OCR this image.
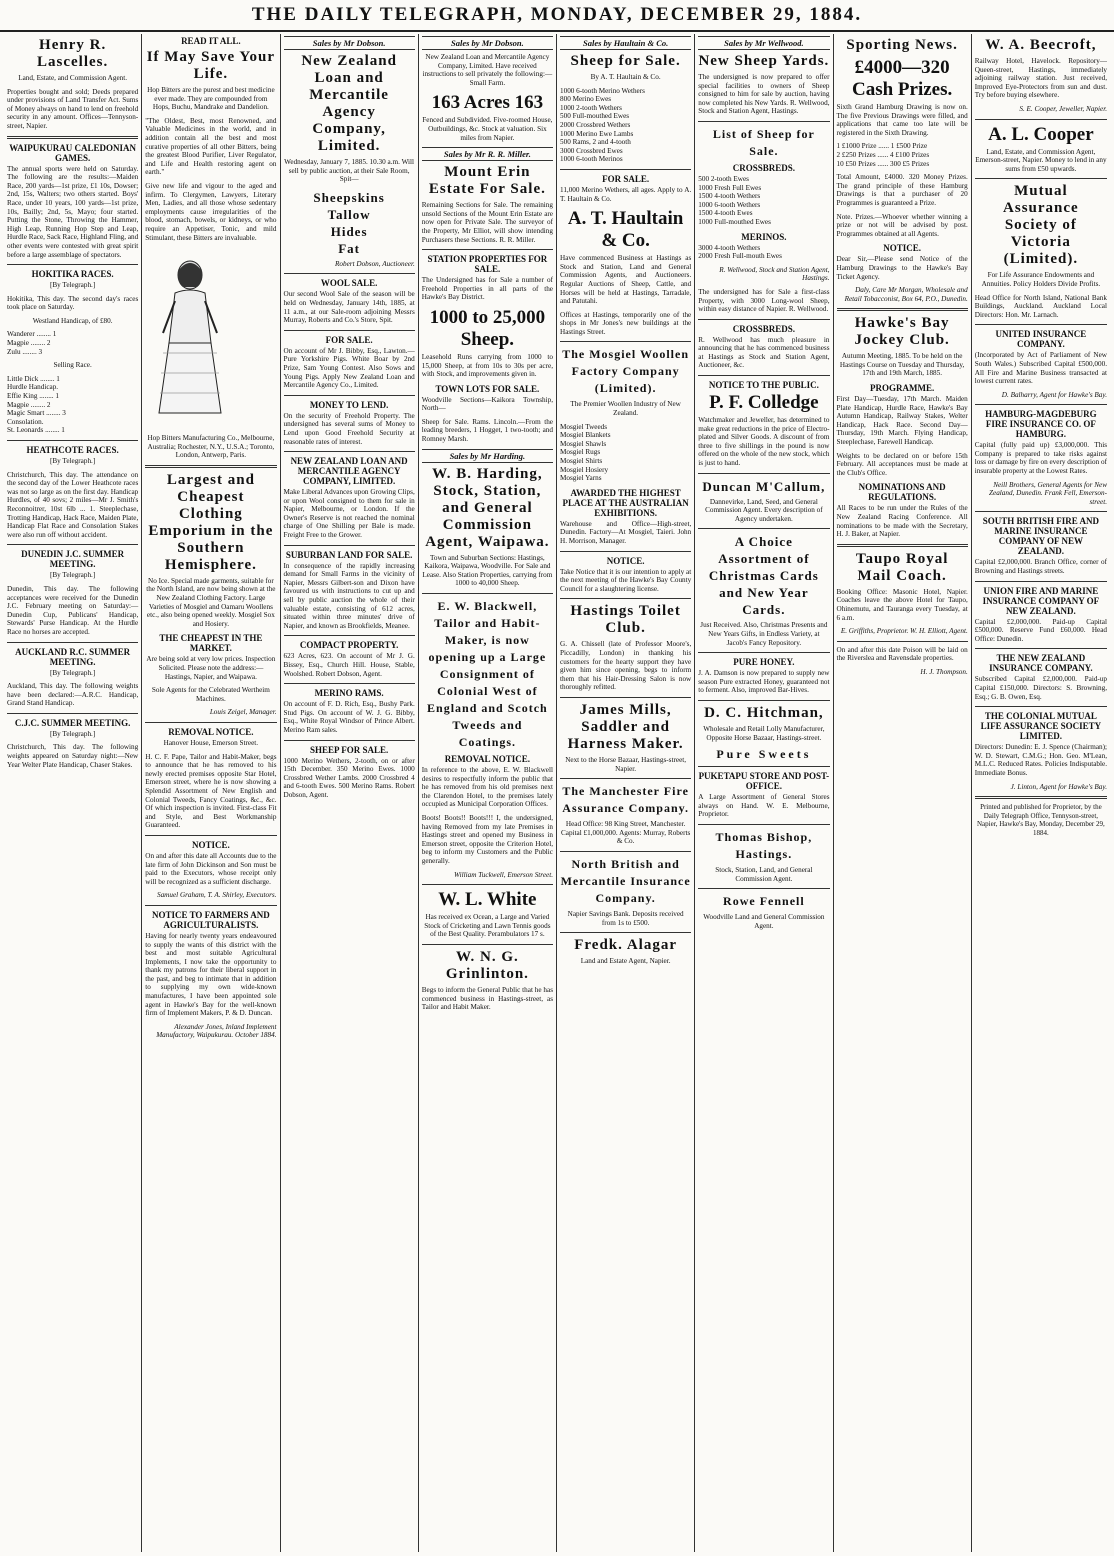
THE DAILY TELEGRAPH, MONDAY, DECEMBER 29, 1884.
Henry R. Lascelles.
Land, Estate, and Commission Agent.
Properties bought and sold; Deeds prepared under provisions of Land Transfer Act. Sums of Money always on hand to lend on freehold security in any amount. Offices—Tennyson-street, Napier.
WAIPUKURAU CALEDONIAN GAMES.
The annual sports were held on Saturday. The following are the results:—Maiden Race, 200 yards—1st prize, £1 10s, Dowser; 2nd, 15s, Walters; two others started. Boys' Race, under 10 years, 100 yards—1st prize, 10s, Bailly; 2nd, 5s, Mayo; four started. Putting the Stone, Throwing the Hammer, High Leap, Running Hop Step and Leap, Hurdle Race, Sack Race, Highland Fling, and other events were contested with great spirit before a large assemblage of spectators.
HOKITIKA RACES.
[By Telegraph.]
Hokitika, This day. The second day's races took place on Saturday.
Westland Handicap, of £80.
Wanderer ........ 1
Magpie ........ 2
Zulu ........ 3
Selling Race.
Little Dick ........ 1
Hurdle Handicap.
Effie King ........ 1
Magpie ........ 2
Magic Smart ........ 3
Consolation.
St. Leonards ........ 1
HEATHCOTE RACES.
[By Telegraph.]
Christchurch, This day. The attendance on the second day of the Lower Heathcote races was not so large as on the first day. Handicap Hurdles, of 40 sovs; 2 miles—Mr J. Smith's Reconnoitrer, 10st 6lb ... 1. Steeplechase, Trotting Handicap, Hack Race, Maiden Plate, Handicap Flat Race and Consolation Stakes were also run off without accident.
DUNEDIN J.C. SUMMER MEETING.
[By Telegraph.]
Dunedin, This day. The following acceptances were received for the Dunedin J.C. February meeting on Saturday:—Dunedin Cup, Publicans' Handicap, Stewards' Purse Handicap. At the Hurdle Race no horses are accepted.
AUCKLAND R.C. SUMMER MEETING.
[By Telegraph.]
Auckland, This day. The following weights have been declared:—A.R.C. Handicap, Grand Stand Handicap.
C.J.C. SUMMER MEETING.
[By Telegraph.]
Christchurch, This day. The following weights appeared on Saturday night:—New Year Welter Plate Handicap, Chaser Stakes.
READ IT ALL.
If May Save Your Life.
Hop Bitters are the purest and best medicine ever made. They are compounded from Hops, Buchu, Mandrake and Dandelion.
"The Oldest, Best, most Renowned, and Valuable Medicines in the world, and in addition contain all the best and most curative properties of all other Bitters, being the greatest Blood Purifier, Liver Regulator, and Life and Health restoring agent on earth."
Give new life and vigour to the aged and infirm. To Clergymen, Lawyers, Literary Men, Ladies, and all those whose sedentary employments cause irregularities of the blood, stomach, bowels, or kidneys, or who require an Appetiser, Tonic, and mild Stimulant, these Bitters are invaluable.
Hop Bitters Manufacturing Co., Melbourne, Australia; Rochester, N.Y., U.S.A.; Toronto, London, Antwerp, Paris.
Largest and Cheapest Clothing Emporium in the Southern Hemisphere.
No Ice. Special made garments, suitable for the North Island, are now being shown at the New Zealand Clothing Factory. Large Varieties of Mosgiel and Oamaru Woollens etc., also being opened weekly. Mosgiel Sox and Hosiery.
THE CHEAPEST IN THE MARKET.
Are being sold at very low prices. Inspection Solicited. Please note the address:—Hastings, Napier, and Waipawa.
Sole Agents for the Celebrated Wertheim Machines.
Louis Zeigel, Manager.
REMOVAL NOTICE.
Hanover House, Emerson Street.
H. C. F. Pape, Tailor and Habit-Maker, begs to announce that he has removed to his newly erected premises opposite Star Hotel, Emerson street, where he is now showing a Splendid Assortment of New English and Colonial Tweeds, Fancy Coatings, &c., &c. Of which inspection is invited. First-class Fit and Style, and Best Workmanship Guaranteed.
NOTICE.
On and after this date all Accounts due to the late firm of John Dickinson and Son must be paid to the Executors, whose receipt only will be recognized as a sufficient discharge.
Samuel Graham, T. A. Shirley, Executors.
NOTICE TO FARMERS AND AGRICULTURALISTS.
Having for nearly twenty years endeavoured to supply the wants of this district with the best and most suitable Agricultural Implements, I now take the opportunity to thank my patrons for their liberal support in the past, and beg to intimate that in addition to supplying my own wide-known manufactures, I have been appointed sole agent in Hawke's Bay for the well-known firm of Implement Makers, P. & D. Duncan.
Alexander Jones, Inland Implement Manufactory, Waipukurau. October 1884.
Sales by Mr Dobson.
New Zealand Loan and Mercantile Agency Company, Limited.
Wednesday, January 7, 1885. 10.30 a.m. Will sell by public auction, at their Sale Room, Spit—
Sheepskins
Tallow
Hides
Fat
Robert Dobson, Auctioneer.
WOOL SALE.
Our second Wool Sale of the season will be held on Wednesday, January 14th, 1885, at 11 a.m., at our Sale-room adjoining Messrs Murray, Roberts and Co.'s Store, Spit.
FOR SALE.
On account of Mr J. Bibby, Esq., Lawton.—Pure Yorkshire Pigs. White Boar by 2nd Prize, Sam Young Contest. Also Sows and Young Pigs. Apply New Zealand Loan and Mercantile Agency Co., Limited.
MONEY TO LEND.
On the security of Freehold Property. The undersigned has several sums of Money to Lend upon Good Freehold Security at reasonable rates of interest.
NEW ZEALAND LOAN AND MERCANTILE AGENCY COMPANY, LIMITED.
Make Liberal Advances upon Growing Clips, or upon Wool consigned to them for sale in Napier, Melbourne, or London. If the Owner's Reserve is not reached the nominal charge of One Shilling per Bale is made. Freight Free to the Grower.
SUBURBAN LAND FOR SALE.
In consequence of the rapidly increasing demand for Small Farms in the vicinity of Napier, Messrs Gilbert-son and Dixon have favoured us with instructions to cut up and sell by public auction the whole of their valuable estate, consisting of 612 acres, situated within three minutes' drive of Napier, and known as Brookfields, Meanee.
COMPACT PROPERTY.
623 Acres, 623. On account of Mr J. G. Bissey, Esq., Church Hill. House, Stable, Woolshed. Robert Dobson, Agent.
MERINO RAMS.
On account of F. D. Rich, Esq., Bushy Park. Stud Pigs. On account of W. J. G. Bibby, Esq., White Royal Windsor of Prince Albert. Merino Ram sales.
SHEEP FOR SALE.
1000 Merino Wethers, 2-tooth, on or after 15th December. 350 Merino Ewes. 1000 Crossbred Wether Lambs. 2000 Crossbred 4 and 6-tooth Ewes. 500 Merino Rams. Robert Dobson, Agent.
Sales by Mr Dobson.
New Zealand Loan and Mercantile Agency Company, Limited. Have received instructions to sell privately the following:—Small Farm.
163 Acres 163
Fenced and Subdivided. Five-roomed House, Outbuildings, &c. Stock at valuation. Six miles from Napier.
Sales by Mr R. R. Miller.
Mount Erin Estate For Sale.
Remaining Sections for Sale. The remaining unsold Sections of the Mount Erin Estate are now open for Private Sale. The surveyor of the Property, Mr Elliot, will show intending Purchasers these Sections. R. R. Miller.
STATION PROPERTIES FOR SALE.
The Undersigned has for Sale a number of Freehold Properties in all parts of the Hawke's Bay District.
1000 to 25,000 Sheep.
Leasehold Runs carrying from 1000 to 15,000 Sheep, at from 10s to 30s per acre, with Stock, and improvements given in.
TOWN LOTS FOR SALE.
Woodville Sections—Kaikora Township, North—
Sheep for Sale. Rams. Lincoln.—From the leading breeders, 1 Hogget, 1 two-tooth; and Romney Marsh.
Sales by Mr Harding.
W. B. Harding, Stock, Station, and General Commission Agent, Waipawa.
Town and Suburban Sections: Hastings, Kaikora, Waipawa, Woodville. For Sale and Lease. Also Station Properties, carrying from 1000 to 40,000 Sheep.
E. W. Blackwell, Tailor and Habit-Maker, is now opening up a Large Consignment of Colonial West of England and Scotch Tweeds and Coatings.
REMOVAL NOTICE.
In reference to the above, E. W. Blackwell desires to respectfully inform the public that he has removed from his old premises next the Clarendon Hotel, to the premises lately occupied as Municipal Corporation Offices.
Boots! Boots!! Boots!!! I, the undersigned, having Removed from my late Premises in Hastings street and opened my Business in Emerson street, opposite the Criterion Hotel, beg to inform my Customers and the Public generally.
William Tuckwell, Emerson Street.
W. L. White
Has received ex Ocean, a Large and Varied Stock of Cricketing and Lawn Tennis goods of the Best Quality. Perambulators 17 s.
W. N. G. Grinlinton.
Begs to inform the General Public that he has commenced business in Hastings-street, as Tailor and Habit Maker.
Sales by Haultain & Co.
Sheep for Sale.
By A. T. Haultain & Co.
1000 6-tooth Merino Wethers
800 Merino Ewes
1000 2-tooth Wethers
500 Full-mouthed Ewes
2000 Crossbred Wethers
1000 Merino Ewe Lambs
500 Rams, 2 and 4-tooth
3000 Crossbred Ewes
1000 6-tooth Merinos
FOR SALE.
11,000 Merino Wethers, all ages. Apply to A. T. Haultain & Co.
A. T. Haultain & Co.
Have commenced Business at Hastings as Stock and Station, Land and General Commission Agents, and Auctioneers. Regular Auctions of Sheep, Cattle, and Horses will be held at Hastings, Tarradale, and Patutahi.
Offices at Hastings, temporarily one of the shops in Mr Jones's new buildings at the Hastings Street.
The Mosgiel Woollen Factory Company (Limited).
The Premier Woollen Industry of New Zealand.
Mosgiel Tweeds
Mosgiel Blankets
Mosgiel Shawls
Mosgiel Rugs
Mosgiel Shirts
Mosgiel Hosiery
Mosgiel Yarns
AWARDED THE HIGHEST PLACE AT THE AUSTRALIAN EXHIBITIONS.
Warehouse and Office—High-street, Dunedin. Factory—At Mosgiel, Taieri. John H. Morrison, Manager.
NOTICE.
Take Notice that it is our intention to apply at the next meeting of the Hawke's Bay County Council for a slaughtering license.
Hastings Toilet Club.
G. A. Chissell (late of Professor Moore's, Piccadilly, London) in thanking his customers for the hearty support they have given him since opening, begs to inform them that his Hair-Dressing Salon is now thoroughly refitted.
James Mills, Saddler and Harness Maker.
Next to the Horse Bazaar, Hastings-street, Napier.
The Manchester Fire Assurance Company.
Head Office: 98 King Street, Manchester. Capital £1,000,000. Agents: Murray, Roberts & Co.
North British and Mercantile Insurance Company.
Napier Savings Bank. Deposits received from 1s to £500.
Fredk. Alagar
Land and Estate Agent, Napier.
Sales by Mr Wellwood.
New Sheep Yards.
The undersigned is now prepared to offer special facilities to owners of Sheep consigned to him for sale by auction, having now completed his New Yards. R. Wellwood, Stock and Station Agent, Hastings.
List of Sheep for Sale.
CROSSBREDS.
500 2-tooth Ewes
1000 Fresh Full Ewes
1500 4-tooth Wethers
1000 6-tooth Wethers
1500 4-tooth Ewes
1000 Full-mouthed Ewes
MERINOS.
3000 4-tooth Wethers
2000 Fresh Full-mouth Ewes
R. Wellwood, Stock and Station Agent, Hastings.
The undersigned has for Sale a first-class Property, with 3000 Long-wool Sheep, within easy distance of Napier. R. Wellwood.
CROSSBREDS.
R. Wellwood has much pleasure in announcing that he has commenced business at Hastings as Stock and Station Agent, Auctioneer, &c.
NOTICE TO THE PUBLIC.
P. F. Colledge
Watchmaker and Jeweller, has determined to make great reductions in the price of Electro-plated and Silver Goods. A discount of from three to five shillings in the pound is now offered on the whole of the new stock, which is just to hand.
Duncan M'Callum,
Dannevirke, Land, Seed, and General Commission Agent. Every description of Agency undertaken.
A Choice Assortment of Christmas Cards and New Year Cards.
Just Received. Also, Christmas Presents and New Years Gifts, in Endless Variety, at Jacob's Fancy Repository.
PURE HONEY.
J. A. Damson is now prepared to supply new season Pure extracted Honey, guaranteed not to ferment. Also, improved Bar-Hives.
D. C. Hitchman,
Wholesale and Retail Lolly Manufacturer, Opposite Horse Bazaar, Hastings-street.
Pure Sweets
PUKETAPU STORE AND POST-OFFICE.
A Large Assortment of General Stores always on Hand. W. E. Melbourne, Proprietor.
Thomas Bishop, Hastings.
Stock, Station, Land, and General Commission Agent.
Rowe Fennell
Woodville Land and General Commission Agent.
Sporting News.
£4000—320 Cash Prizes.
Sixth Grand Hamburg Drawing is now on. The five Previous Drawings were filled, and applications that came too late will be registered in the Sixth Drawing.
1 £1000 Prize ...... 1 £500 Prize
2 £250 Prizes ...... 4 £100 Prizes
10 £50 Prizes ...... 300 £5 Prizes
Total Amount, £4000. 320 Money Prizes. The grand principle of these Hamburg Drawings is that a purchaser of 20 Programmes is guaranteed a Prize.
Note. Prizes.—Whoever whether winning a prize or not will be advised by post. Programmes obtained at all Agents.
NOTICE.
Dear Sir,—Please send Notice of the Hamburg Drawings to the Hawke's Bay Ticket Agency.
Daly, Care Mr Morgan, Wholesale and Retail Tobacconist, Box 64, P.O., Dunedin.
Hawke's Bay Jockey Club.
Autumn Meeting, 1885. To be held on the Hastings Course on Tuesday and Thursday, 17th and 19th March, 1885.
PROGRAMME.
First Day—Tuesday, 17th March. Maiden Plate Handicap, Hurdle Race, Hawke's Bay Autumn Handicap, Railway Stakes, Welter Handicap, Hack Race. Second Day—Thursday, 19th March. Flying Handicap, Steeplechase, Farewell Handicap.
Weights to be declared on or before 15th February. All acceptances must be made at the Club's Office.
NOMINATIONS AND REGULATIONS.
All Races to be run under the Rules of the New Zealand Racing Conference. All nominations to be made with the Secretary, H. J. Baker, at Napier.
Taupo Royal Mail Coach.
Booking Office: Masonic Hotel, Napier. Coaches leave the above Hotel for Taupo, Ohinemutu, and Tauranga every Tuesday, at 6 a.m.
E. Griffiths, Proprietor. W. H. Elliott, Agent.
On and after this date Poison will be laid on the Riverslea and Ravensdale properties.
H. J. Thompson.
W. A. Beecroft,
Railway Hotel, Havelock. Repository—Queen-street, Hastings, immediately adjoining railway station. Just received, Improved Eye-Protectors from sun and dust. Try before buying elsewhere.
S. E. Cooper, Jeweller, Napier.
A. L. Cooper
Land, Estate, and Commission Agent, Emerson-street, Napier. Money to lend in any sums from £50 upwards.
Mutual Assurance Society of Victoria (Limited).
For Life Assurance Endowments and Annuities. Policy Holders Divide Profits.
Head Office for North Island, National Bank Buildings, Auckland. Auckland Local Directors: Hon. Mr. Larnach.
UNITED INSURANCE COMPANY.
(Incorporated by Act of Parliament of New South Wales.) Subscribed Capital £500,000. All Fire and Marine Business transacted at lowest current rates.
D. Balharry, Agent for Hawke's Bay.
HAMBURG-MAGDEBURG FIRE INSURANCE CO. OF HAMBURG.
Capital (fully paid up) £3,000,000. This Company is prepared to take risks against loss or damage by fire on every description of insurable property at the Lowest Rates.
Neill Brothers, General Agents for New Zealand, Dunedin. Frank Fell, Emerson-street.
SOUTH BRITISH FIRE AND MARINE INSURANCE COMPANY OF NEW ZEALAND.
Capital £2,000,000. Branch Office, corner of Browning and Hastings streets.
UNION FIRE AND MARINE INSURANCE COMPANY OF NEW ZEALAND.
Capital £2,000,000. Paid-up Capital £500,000. Reserve Fund £60,000. Head Office: Dunedin.
THE NEW ZEALAND INSURANCE COMPANY.
Subscribed Capital £2,000,000. Paid-up Capital £150,000. Directors: S. Browning, Esq.; G. B. Owen, Esq.
THE COLONIAL MUTUAL LIFE ASSURANCE SOCIETY LIMITED.
Directors: Dunedin: E. J. Spence (Chairman); W. D. Stewart, C.M.G.; Hon. Geo. M'Lean, M.L.C. Reduced Rates. Policies Indisputable. Immediate Bonus.
J. Linton, Agent for Hawke's Bay.
Printed and published for Proprietor, by the Daily Telegraph Office, Tennyson-street, Napier, Hawke's Bay, Monday, December 29, 1884.
